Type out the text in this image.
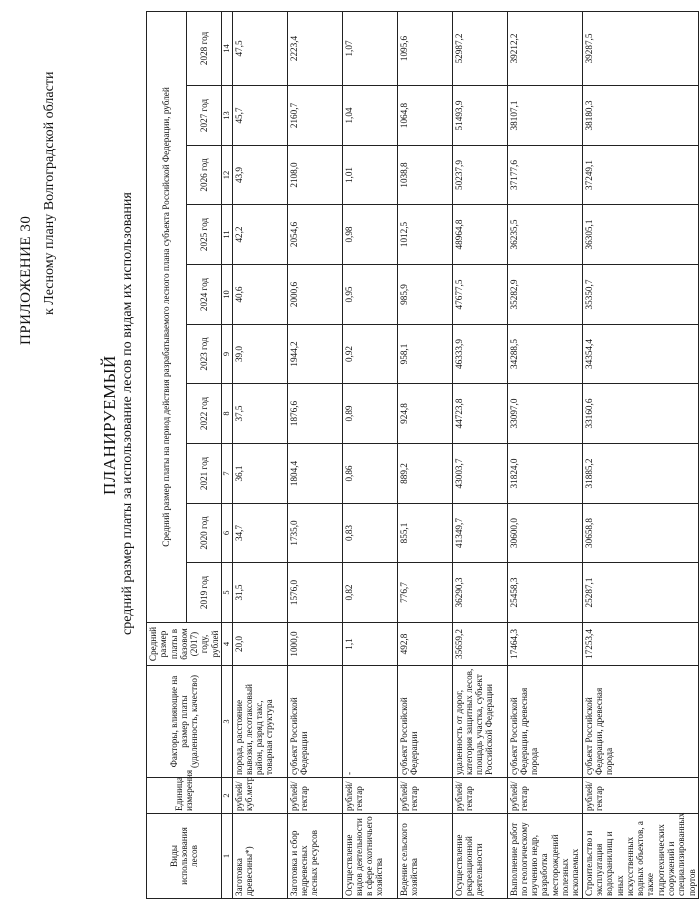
ПРИЛОЖЕНИЕ 30 к Лесному плану Волгоградской области
ПЛАНИРУЕМЫЙ средний размер платы за использование лесов по видам их использования
Виды использования лесов	Единица измерения	Факторы, влияющие на размер платы (удаленность, качество)	Средний размер платы в базовом (2017) году, рублей	Средний размер платы на период действия разрабатываемого лесного плана субъекта Российской Федерации, рублей									
				2019 год	2020 год	2021 год	2022 год	2023 год	2024 год	2025 год	2026 год	2027 год	2028 год
1	2	3	4	5	6	7	8	9	10	11	12	13	14
Заготовка древесины*)	рублей/ куб.метр	порода, расстояние вывозки, лесотаксовый район, разряд такс, товарная структура	20,0	31,5	34,7	36,1	37,5	39,0	40,6	42,2	43,9	45,7	47,5
Заготовка и сбор недревесных лесных ресурсов	рублей/ гектар	субъект Российской Федерации	1000,0	1576,0	1735,0	1804,4	1876,6	1944,2	2000,6	2054,6	2108,0	2160,7	2223,4
Осуществление видов деятельности в сфере охотничьего хозяйства	рублей/ гектар	-	1,1	0,82	0,83	0,86	0,89	0,92	0,95	0,98	1,01	1,04	1,07
Ведение сельского хозяйства	рублей/ гектар	субъект Российской Федерации	492,8	776,7	855,1	889,2	924,8	958,1	985,9	1012,5	1038,8	1064,8	1095,6
Осуществление рекреационной деятельности	рублей/ гектар	удаленность от дорог, категория защитных лесов, площадь участка, субъект Российской Федерации	35659,2	36290,3	41349,7	43003,7	44723,8	46333,9	47677,5	48964,8	50237,9	51493,9	52987,2
Выполнение работ по геологическому изучению недр, разработка месторождений полезных ископаемых	рублей/ гектар	субъект Российской Федерации, древесная порода	17464,3	25458,3	30600,0	31824,0	33097,0	34288,5	35282,9	36235,5	37177,6	38107,1	39212,2
Строительство и эксплуатация водохранилищ и иных искусственных водных объектов, а также гидротехнических сооружений и специализированных портов	рублей/ гектар	субъект Российской Федерации, древесная порода	17253,4	25287,1	30658,8	31885,2	33160,6	34354,4	35350,7	36305,1	37249,1	38180,3	39287,5
